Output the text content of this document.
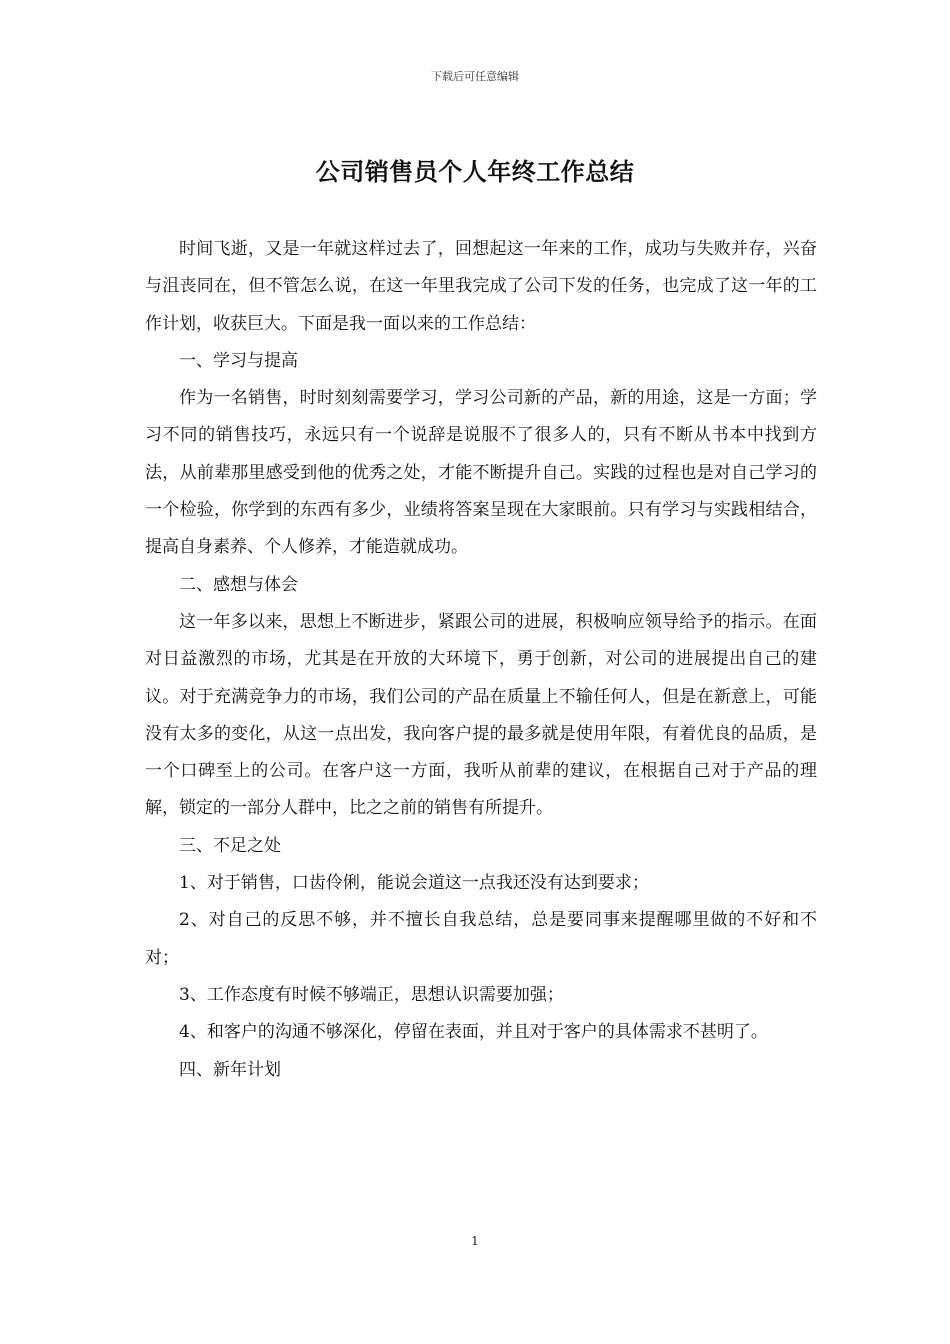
下载后可任意编辑
公司销售员个人年终工作总结

时间飞逝，又是一年就这样过去了，回想起这一年来的工作，成功与失败并存，兴奋与沮丧同在，但不管怎么说，在这一年里我完成了公司下发的任务，也完成了这一年的工作计划，收获巨大。下面是我一面以来的工作总结：

一、学习与提高

作为一名销售，时时刻刻需要学习，学习公司新的产品，新的用途，这是一方面；学习不同的销售技巧，永远只有一个说辞是说服不了很多人的，只有不断从书本中找到方法，从前辈那里感受到他的优秀之处，才能不断提升自己。实践的过程也是对自己学习的一个检验，你学到的东西有多少，业绩将答案呈现在大家眼前。只有学习与实践相结合，提高自身素养、个人修养，才能造就成功。

二、感想与体会

这一年多以来，思想上不断进步，紧跟公司的进展，积极响应领导给予的指示。在面对日益激烈的市场，尤其是在开放的大环境下，勇于创新，对公司的进展提出自己的建议。对于充满竞争力的市场，我们公司的产品在质量上不输任何人，但是在新意上，可能没有太多的变化，从这一点出发，我向客户提的最多就是使用年限，有着优良的品质，是一个口碑至上的公司。在客户这一方面，我听从前辈的建议，在根据自己对于产品的理解，锁定的一部分人群中，比之之前的销售有所提升。

三、不足之处

1、对于销售，口齿伶俐，能说会道这一点我还没有达到要求；

2、对自己的反思不够，并不擅长自我总结，总是要同事来提醒哪里做的不好和不对；

3、工作态度有时候不够端正，思想认识需要加强；

4、和客户的沟通不够深化，停留在表面，并且对于客户的具体需求不甚明了。

四、新年计划

1
